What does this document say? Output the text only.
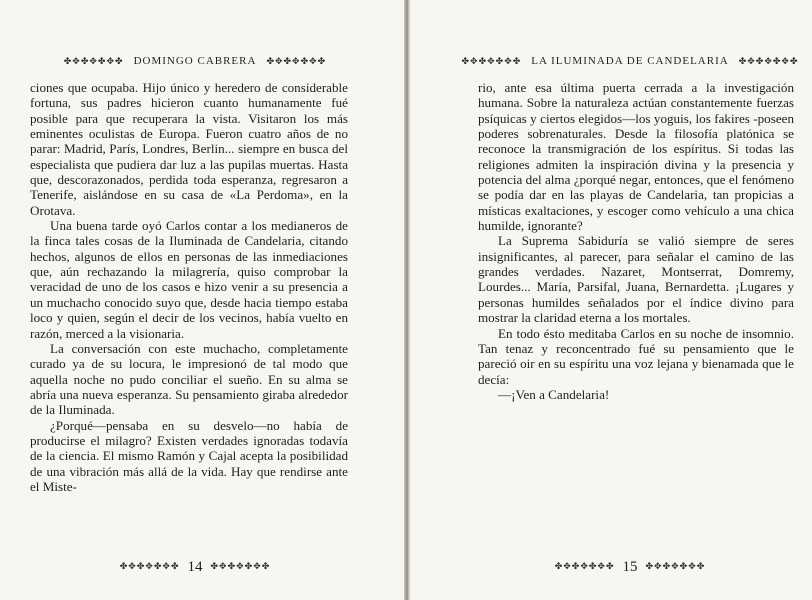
✤✥✤✥✤✥✤ DOMINGO CABRERA ✤✥✤✥✤✥✤

ciones que ocupaba. Hijo único y heredero de considerable fortuna, sus padres hicieron cuanto humanamente fué posible para que recuperara la vista. Visitaron los más eminentes oculistas de Europa. Fueron cuatro años de no parar: Madrid, París, Londres, Berlin... siempre en busca del especialista que pudiera dar luz a las pupilas muertas. Hasta que, descorazonados, perdida toda esperanza, regresaron a Tenerife, aislándose en su casa de «La Perdoma», en la Orotava.

Una buena tarde oyó Carlos contar a los medianeros de la finca tales cosas de la Iluminada de Candelaria, citando hechos, algunos de ellos en personas de las inmediaciones que, aún rechazando la milagrería, quiso comprobar la veracidad de uno de los casos e hizo venir a su presencia a un muchacho conocido suyo que, desde hacia tiempo estaba loco y quien, según el decir de los vecinos, había vuelto en razón, merced a la visionaria.

La conversación con este muchacho, completamente curado ya de su locura, le impresionó de tal modo que aquella noche no pudo conciliar el sueño. En su alma se abría una nueva esperanza. Su pensamiento giraba alrededor de la Iluminada.

¿Porqué—pensaba en su desvelo—no había de producirse el milagro? Existen verdades ignoradas todavía de la ciencia. El mismo Ramón y Cajal acepta la posibilidad de una vibración más allá de la vida. Hay que rendirse ante el Miste-

✤✥✤✥✤✥✤ 14 ✤✥✤✥✤✥✤
✤✥✤✥✤✥✤ LA ILUMINADA DE CANDELARIA ✤✥✤✥✤✥✤

rio, ante esa última puerta cerrada a la investigación humana. Sobre la naturaleza actúan constantemente fuerzas psíquicas y ciertos elegidos—los yoguis, los fakires -poseen poderes sobrenaturales. Desde la filosofía platónica se reconoce la transmigración de los espíritus. Si todas las religiones admiten la inspiración divina y la presencia y potencia del alma ¿porqué negar, entonces, que el fenómeno se podía dar en las playas de Candelaria, tan propicias a místicas exaltaciones, y escoger como vehículo a una chica humilde, ignorante?

La Suprema Sabiduría se valió siempre de seres insignificantes, al parecer, para señalar el camino de las grandes verdades. Nazaret, Montserrat, Domremy, Lourdes... María, Parsifal, Juana, Bernardetta. ¡Lugares y personas humildes señalados por el índice divino para mostrar la claridad eterna a los mortales.

En todo ésto meditaba Carlos en su noche de insomnio. Tan tenaz y reconcentrado fué su pensamiento que le pareció oir en su espíritu una voz lejana y bienamada que le decía:

—¡Ven a Candelaria!

✤✥✤✥✤✥✤ 15 ✤✥✤✥✤✥✤
